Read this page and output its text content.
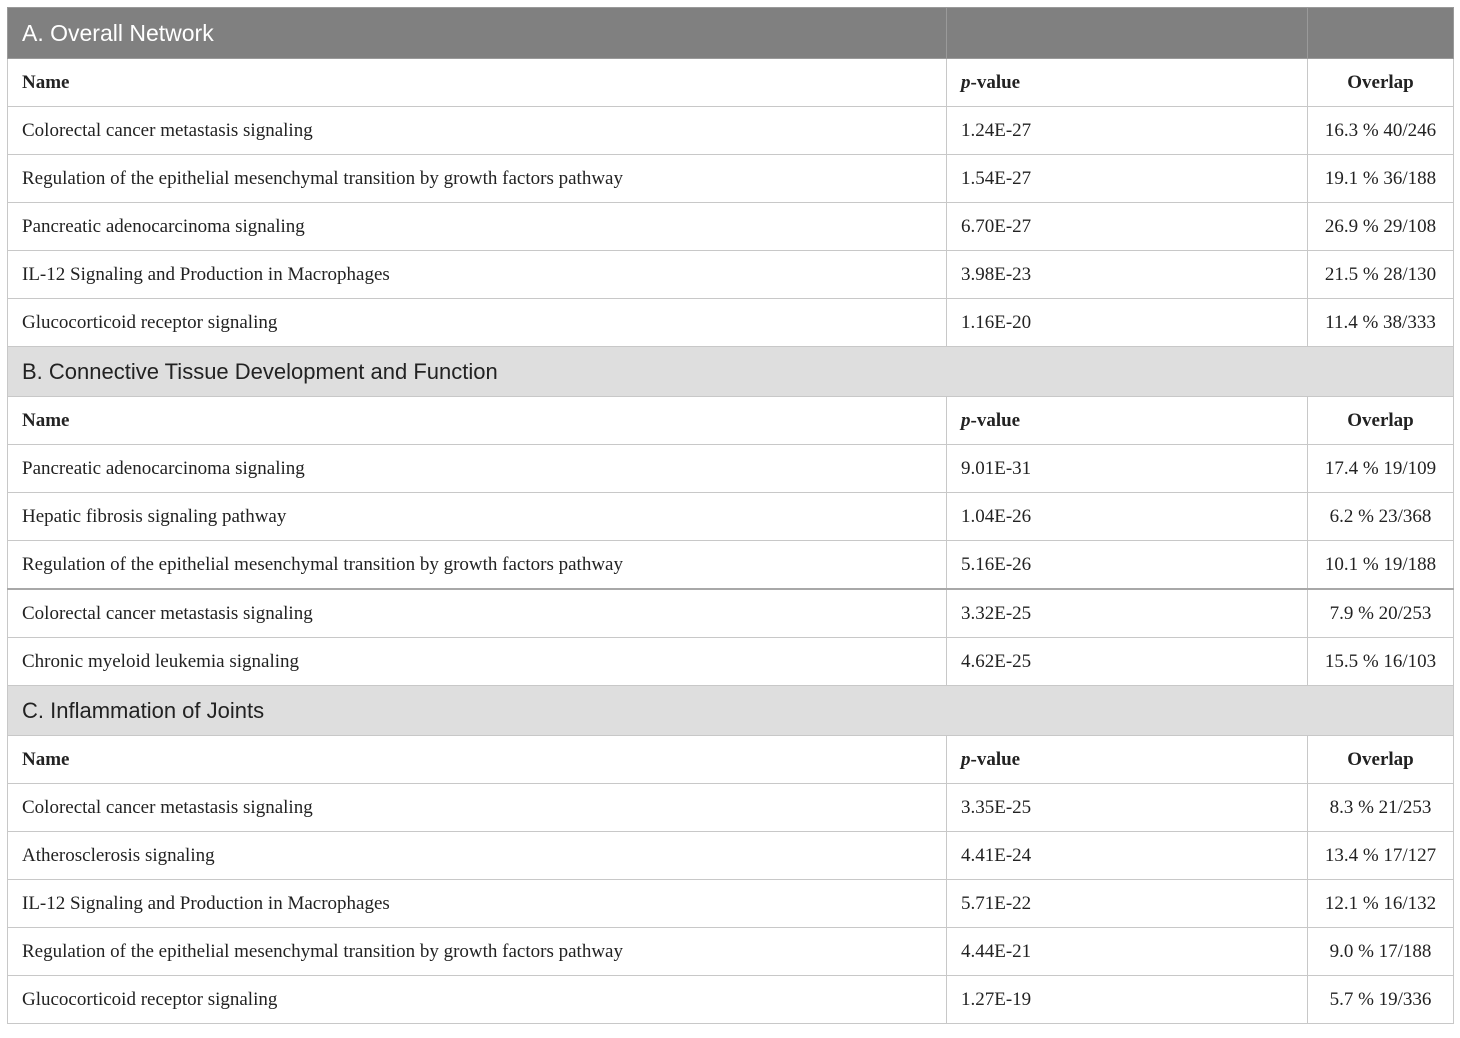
A. Overall Network		
Name	p-value	Overlap
Colorectal cancer metastasis signaling	1.24E-27	16.3 % 40/246
Regulation of the epithelial mesenchymal transition by growth factors pathway	1.54E-27	19.1 % 36/188
Pancreatic adenocarcinoma signaling	6.70E-27	26.9 % 29/108
IL-12 Signaling and Production in Macrophages	3.98E-23	21.5 % 28/130
Glucocorticoid receptor signaling	1.16E-20	11.4 % 38/333
B. Connective Tissue Development and Function		
Name	p-value	Overlap
Pancreatic adenocarcinoma signaling	9.01E-31	17.4 % 19/109
Hepatic fibrosis signaling pathway	1.04E-26	6.2 % 23/368
Regulation of the epithelial mesenchymal transition by growth factors pathway	5.16E-26	10.1 % 19/188
Colorectal cancer metastasis signaling	3.32E-25	7.9 % 20/253
Chronic myeloid leukemia signaling	4.62E-25	15.5 % 16/103
C. Inflammation of Joints		
Name	p-value	Overlap
Colorectal cancer metastasis signaling	3.35E-25	8.3 % 21/253
Atherosclerosis signaling	4.41E-24	13.4 % 17/127
IL-12 Signaling and Production in Macrophages	5.71E-22	12.1 % 16/132
Regulation of the epithelial mesenchymal transition by growth factors pathway	4.44E-21	9.0 % 17/188
Glucocorticoid receptor signaling	1.27E-19	5.7 % 19/336
